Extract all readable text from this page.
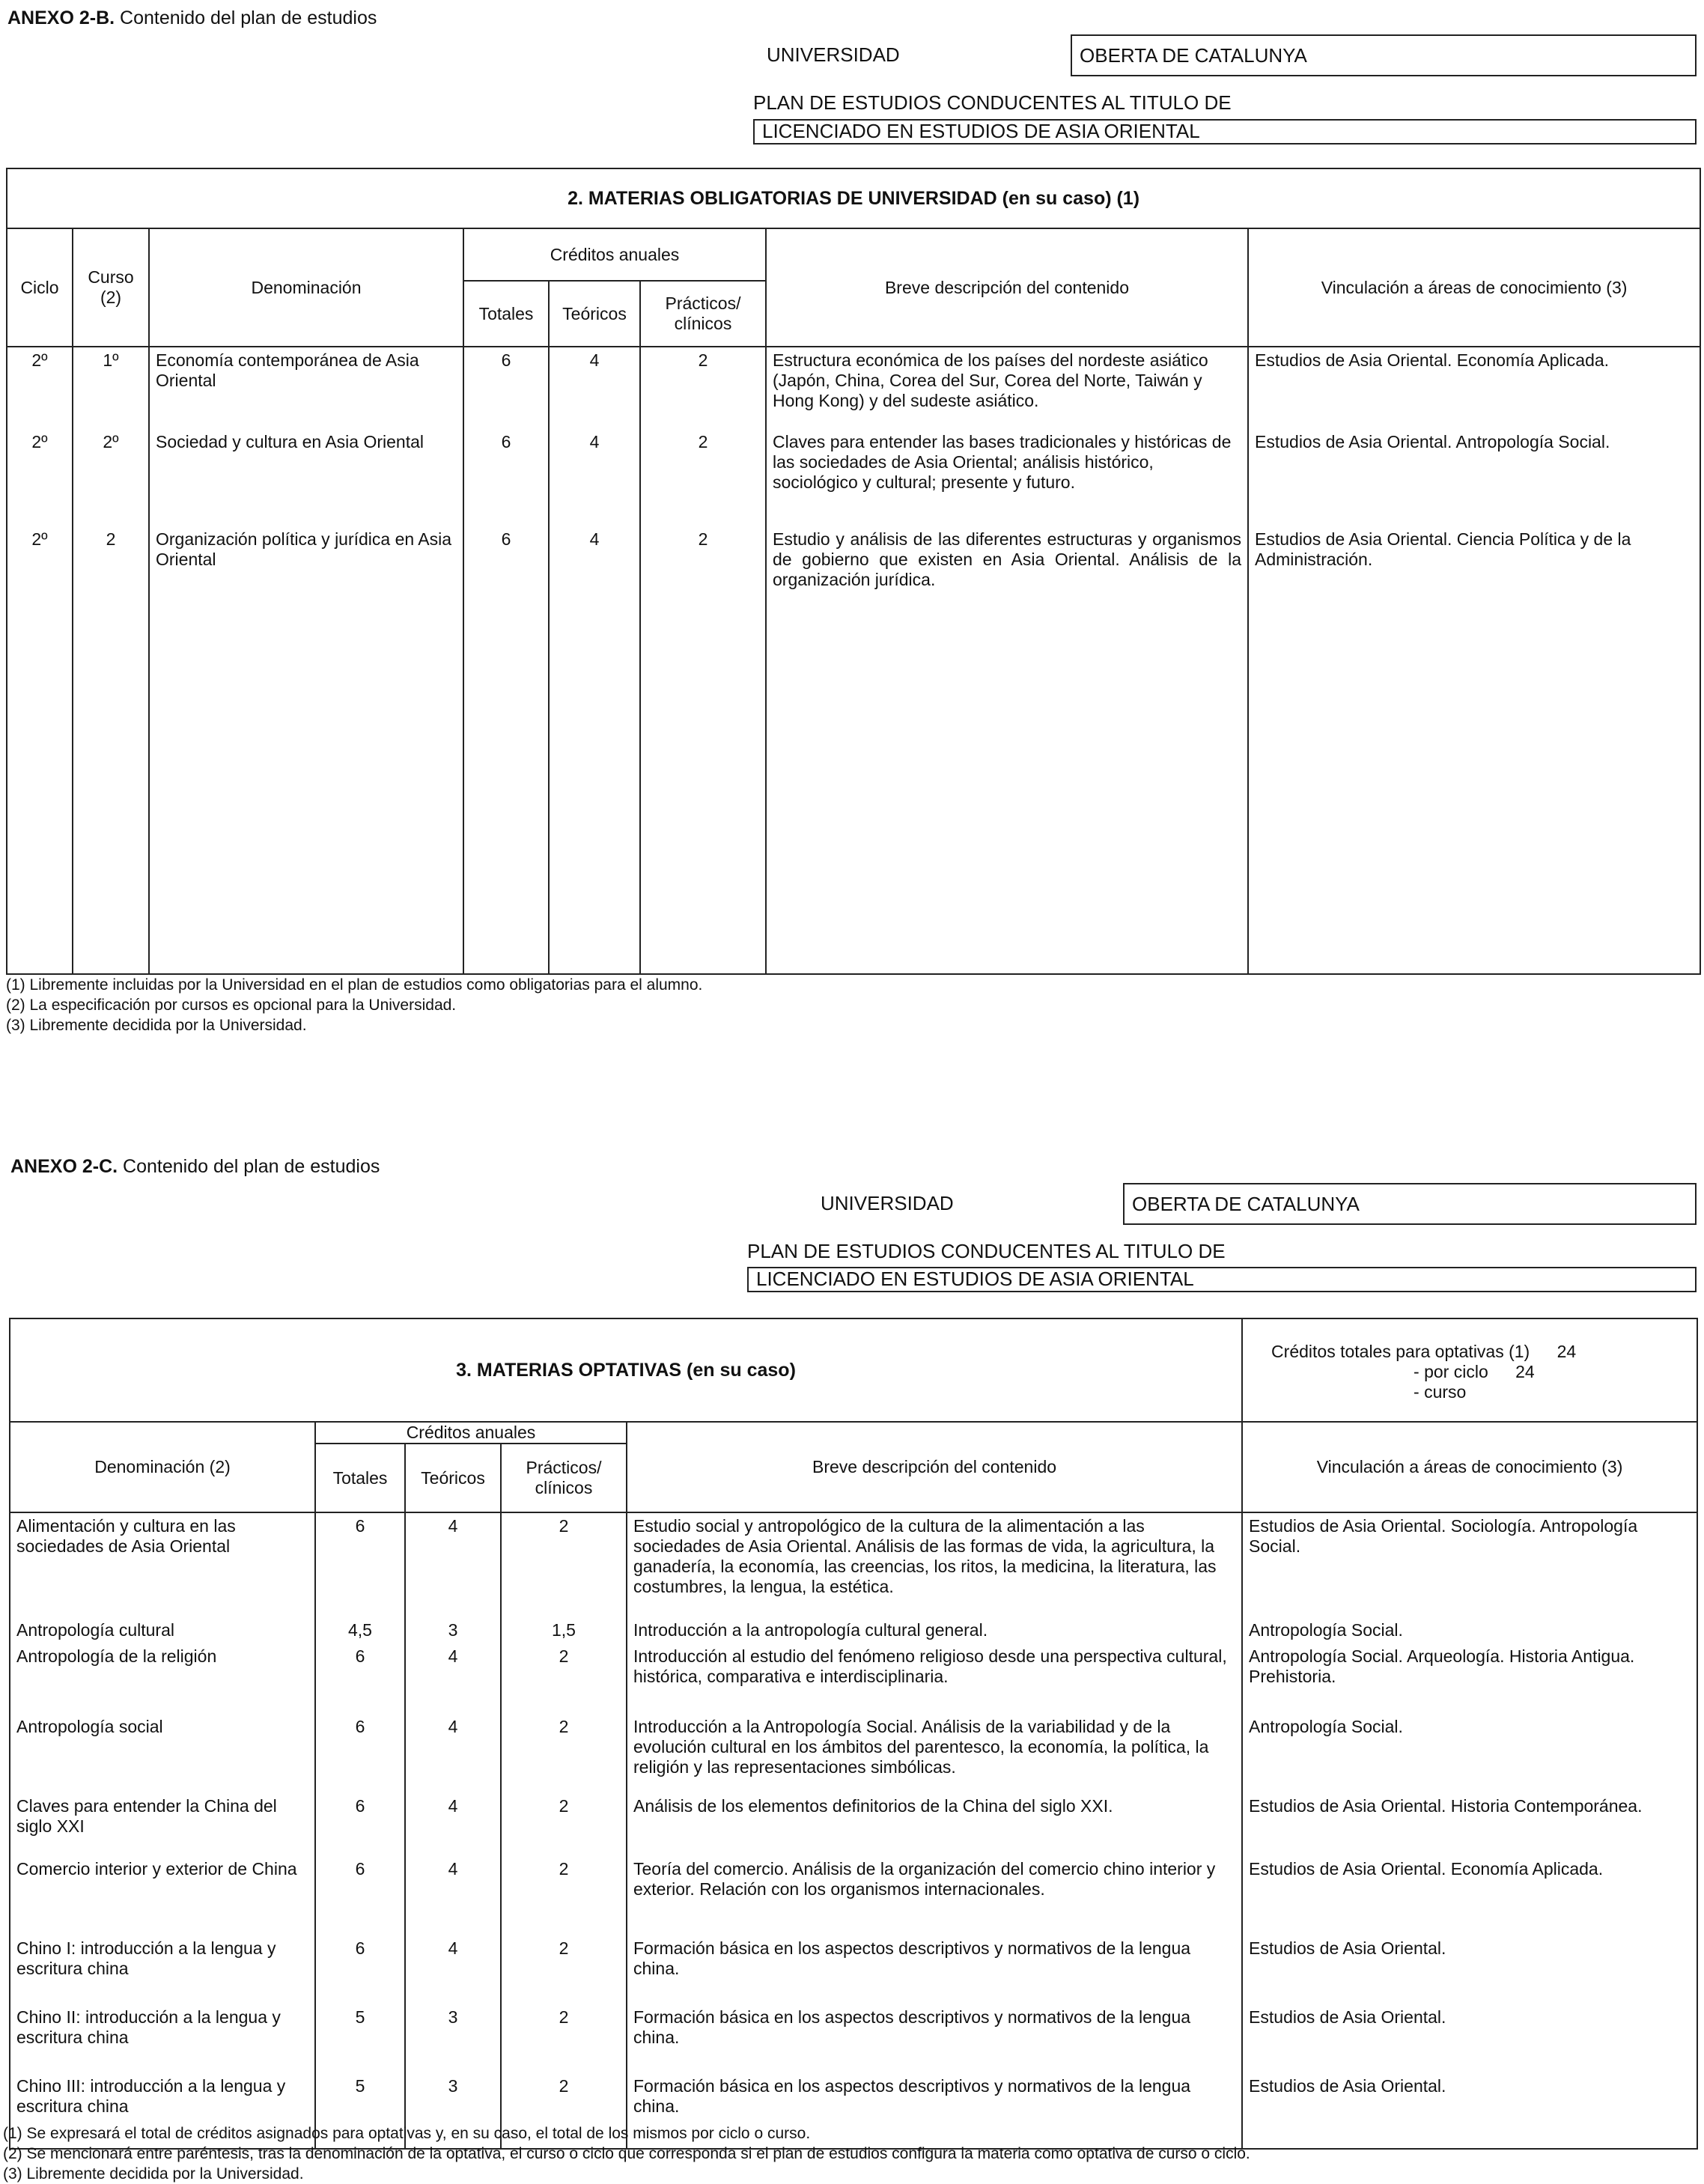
ANEXO 2-B. Contenido del plan de estudios
UNIVERSIDAD	OBERTA DE CATALUNYA
PLAN DE ESTUDIOS CONDUCENTES AL TITULO DE
LICENCIADO EN ESTUDIOS DE ASIA ORIENTAL
2. MATERIAS OBLIGATORIAS DE UNIVERSIDAD (en su caso) (1)							
Ciclo	Curso (2)	Denominación	Créditos anuales			Breve descripción del contenido	Vinculación a áreas de conocimiento (3)
			Totales	Teóricos	Prácticos/ clínicos		
2º	1º	Economía contemporánea de Asia Oriental	6	4	2	Estructura económica de los países del nordeste asiático (Japón, China, Corea del Sur, Corea del Norte, Taiwán y Hong Kong) y del sudeste asiático.	Estudios de Asia Oriental. Economía Aplicada.
2º	2º	Sociedad y cultura en Asia Oriental	6	4	2	Claves para entender las bases tradicionales y históricas de las sociedades de Asia Oriental; análisis histórico, sociológico y cultural; presente y futuro.	Estudios de Asia Oriental. Antropología Social.
2º	2	Organización política y jurídica en Asia Oriental	6	4	2	Estudio y análisis de las diferentes estructuras y organismos de gobierno que existen en Asia Oriental. Análisis de la organización jurídica.	Estudios de Asia Oriental. Ciencia Política y de la Administración.

(1) Libremente incluidas por la Universidad en el plan de estudios como obligatorias para el alumno.
(2) La especificación por cursos es opcional para la Universidad.
(3) Libremente decidida por la Universidad.
ANEXO 2-C. Contenido del plan de estudios
UNIVERSIDAD	OBERTA DE CATALUNYA
PLAN DE ESTUDIOS CONDUCENTES AL TITULO DE
LICENCIADO EN ESTUDIOS DE ASIA ORIENTAL
3. MATERIAS OPTATIVAS (en su caso)					Créditos totales para optativas (1) 24
- por ciclo 24
- curso

Denominación (2)	Créditos anuales			Breve descripción del contenido	Vinculación a áreas de conocimiento (3)
	Totales	Teóricos	Prácticos/ clínicos		
Alimentación y cultura en las sociedades de Asia Oriental	6	4	2	Estudio social y antropológico de la cultura de la alimentación a las sociedades de Asia Oriental. Análisis de las formas de vida, la agricultura, la ganadería, la economía, las creencias, los ritos, la medicina, la literatura, las costumbres, la lengua, la estética.	Estudios de Asia Oriental. Sociología. Antropología Social.
Antropología cultural	4,5	3	1,5	Introducción a la antropología cultural general.	Antropología Social.
Antropología de la religión	6	4	2	Introducción al estudio del fenómeno religioso desde una perspectiva cultural, histórica, comparativa e interdisciplinaria.	Antropología Social. Arqueología. Historia Antigua. Prehistoria.
Antropología social	6	4	2	Introducción a la Antropología Social. Análisis de la variabilidad y de la evolución cultural en los ámbitos del parentesco, la economía, la política, la religión y las representaciones simbólicas.	Antropología Social.
Claves para entender la China del siglo XXI	6	4	2	Análisis de los elementos definitorios de la China del siglo XXI.	Estudios de Asia Oriental. Historia Contemporánea.
Comercio interior y exterior de China	6	4	2	Teoría del comercio. Análisis de la organización del comercio chino interior y exterior. Relación con los organismos internacionales.	Estudios de Asia Oriental. Economía Aplicada.
Chino I: introducción a la lengua y escritura china	6	4	2	Formación básica en los aspectos descriptivos y normativos de la lengua china.	Estudios de Asia Oriental.
Chino II: introducción a la lengua y escritura china	5	3	2	Formación básica en los aspectos descriptivos y normativos de la lengua china.	Estudios de Asia Oriental.
Chino III: introducción a la lengua y escritura china	5	3	2	Formación básica en los aspectos descriptivos y normativos de la lengua china.	Estudios de Asia Oriental.

(1) Se expresará el total de créditos asignados para optativas y, en su caso, el total de los mismos por ciclo o curso.
(2) Se mencionará entre paréntesis, tras la denominación de la optativa, el curso o ciclo que corresponda si el plan de estudios configura la materia como optativa de curso o ciclo.
(3) Libremente decidida por la Universidad.
